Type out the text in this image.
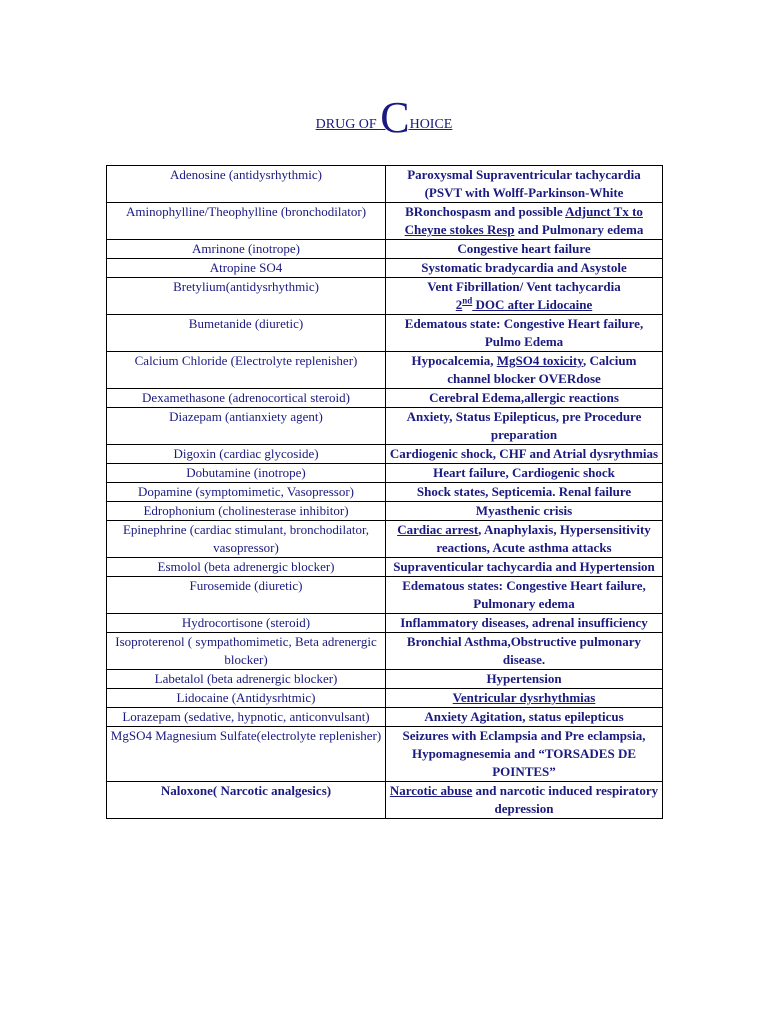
DRUG OF CHOICE
Adenosine (antidysrhythmic)	Paroxysmal Supraventricular tachycardia (PSVT with Wolff-Parkinson-White
Aminophylline/Theophylline (bronchodilator)	BRonchospasm and possible Adjunct Tx to Cheyne stokes Resp and Pulmonary edema
Amrinone (inotrope)	Congestive heart failure
Atropine SO4	Systomatic bradycardia and Asystole
Bretylium(antidysrhythmic)	Vent Fibrillation/ Vent tachycardia
2nd DOC after Lidocaine
Bumetanide (diuretic)	Edematous state: Congestive Heart failure, Pulmo Edema
Calcium Chloride (Electrolyte replenisher)	Hypocalcemia, MgSO4 toxicity, Calcium channel blocker OVERdose
Dexamethasone (adrenocortical steroid)	Cerebral Edema,allergic reactions
Diazepam (antianxiety agent)	Anxiety, Status Epilepticus, pre Procedure preparation
Digoxin (cardiac glycoside)	Cardiogenic shock, CHF and Atrial dysrythmias
Dobutamine (inotrope)	Heart failure, Cardiogenic shock
Dopamine (symptomimetic, Vasopressor)	Shock states, Septicemia. Renal failure
Edrophonium (cholinesterase inhibitor)	Myasthenic crisis
Epinephrine (cardiac stimulant, bronchodilator, vasopressor)	Cardiac arrest, Anaphylaxis, Hypersensitivity reactions, Acute asthma attacks
Esmolol (beta adrenergic blocker)	Supraventicular tachycardia and Hypertension
Furosemide (diuretic)	Edematous states: Congestive Heart failure, Pulmonary edema
Hydrocortisone (steroid)	Inflammatory diseases, adrenal insufficiency
Isoproterenol ( sympathomimetic, Beta adrenergic blocker)	Bronchial Asthma,Obstructive pulmonary disease.
Labetalol (beta adrenergic blocker)	Hypertension
Lidocaine (Antidysrhtmic)	Ventricular dysrhythmias
Lorazepam (sedative, hypnotic, anticonvulsant)	Anxiety Agitation, status epilepticus
MgSO4 Magnesium Sulfate(electrolyte replenisher)	Seizures with Eclampsia and Pre eclampsia, Hypomagnesemia and “TORSADES DE POINTES”
Naloxone( Narcotic analgesics)	Narcotic abuse and narcotic induced respiratory depression
